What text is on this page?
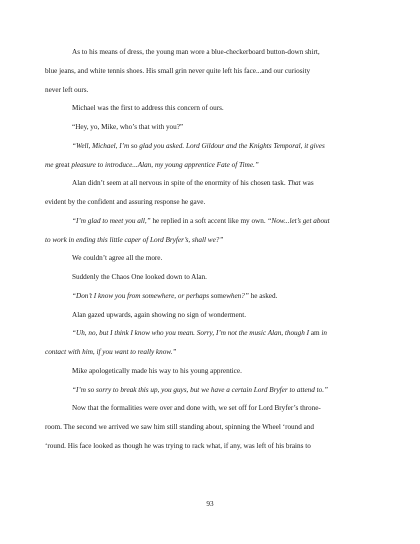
As to his means of dress, the young man wore a blue-checkerboard button-down shirt,
blue jeans, and white tennis shoes. His small grin never quite left his face...and our curiosity
never left ours.
Michael was the first to address this concern of ours.
“Hey, yo, Mike, who’s that with you?”
“Well, Michael, I’m so glad you asked. Lord Gildour and the Knights Temporal, it gives
me great pleasure to introduce...Alan, my young apprentice Fate of Time.”
Alan didn’t seem at all nervous in spite of the enormity of his chosen task. That was
evident by the confident and assuring response he gave.
“I’m glad to meet you all,” he replied in a soft accent like my own. “Now...let’s get about
to work in ending this little caper of Lord Bryfer’s, shall we?”
We couldn’t agree all the more.
Suddenly the Chaos One looked down to Alan.
“Don’t I know you from somewhere, or perhaps somewhen?” he asked.
Alan gazed upwards, again showing no sign of wonderment.
“Uh, no, but I think I know who you mean. Sorry, I’m not the music Alan, though I am in
contact with him, if you want to really know.”
Mike apologetically made his way to his young apprentice.
“I’m so sorry to break this up, you guys, but we have a certain Lord Bryfer to attend to.”
Now that the formalities were over and done with, we set off for Lord Bryfer’s throne-
room. The second we arrived we saw him still standing about, spinning the Wheel ‘round and
‘round. His face looked as though he was trying to rack what, if any, was left of his brains to
93
